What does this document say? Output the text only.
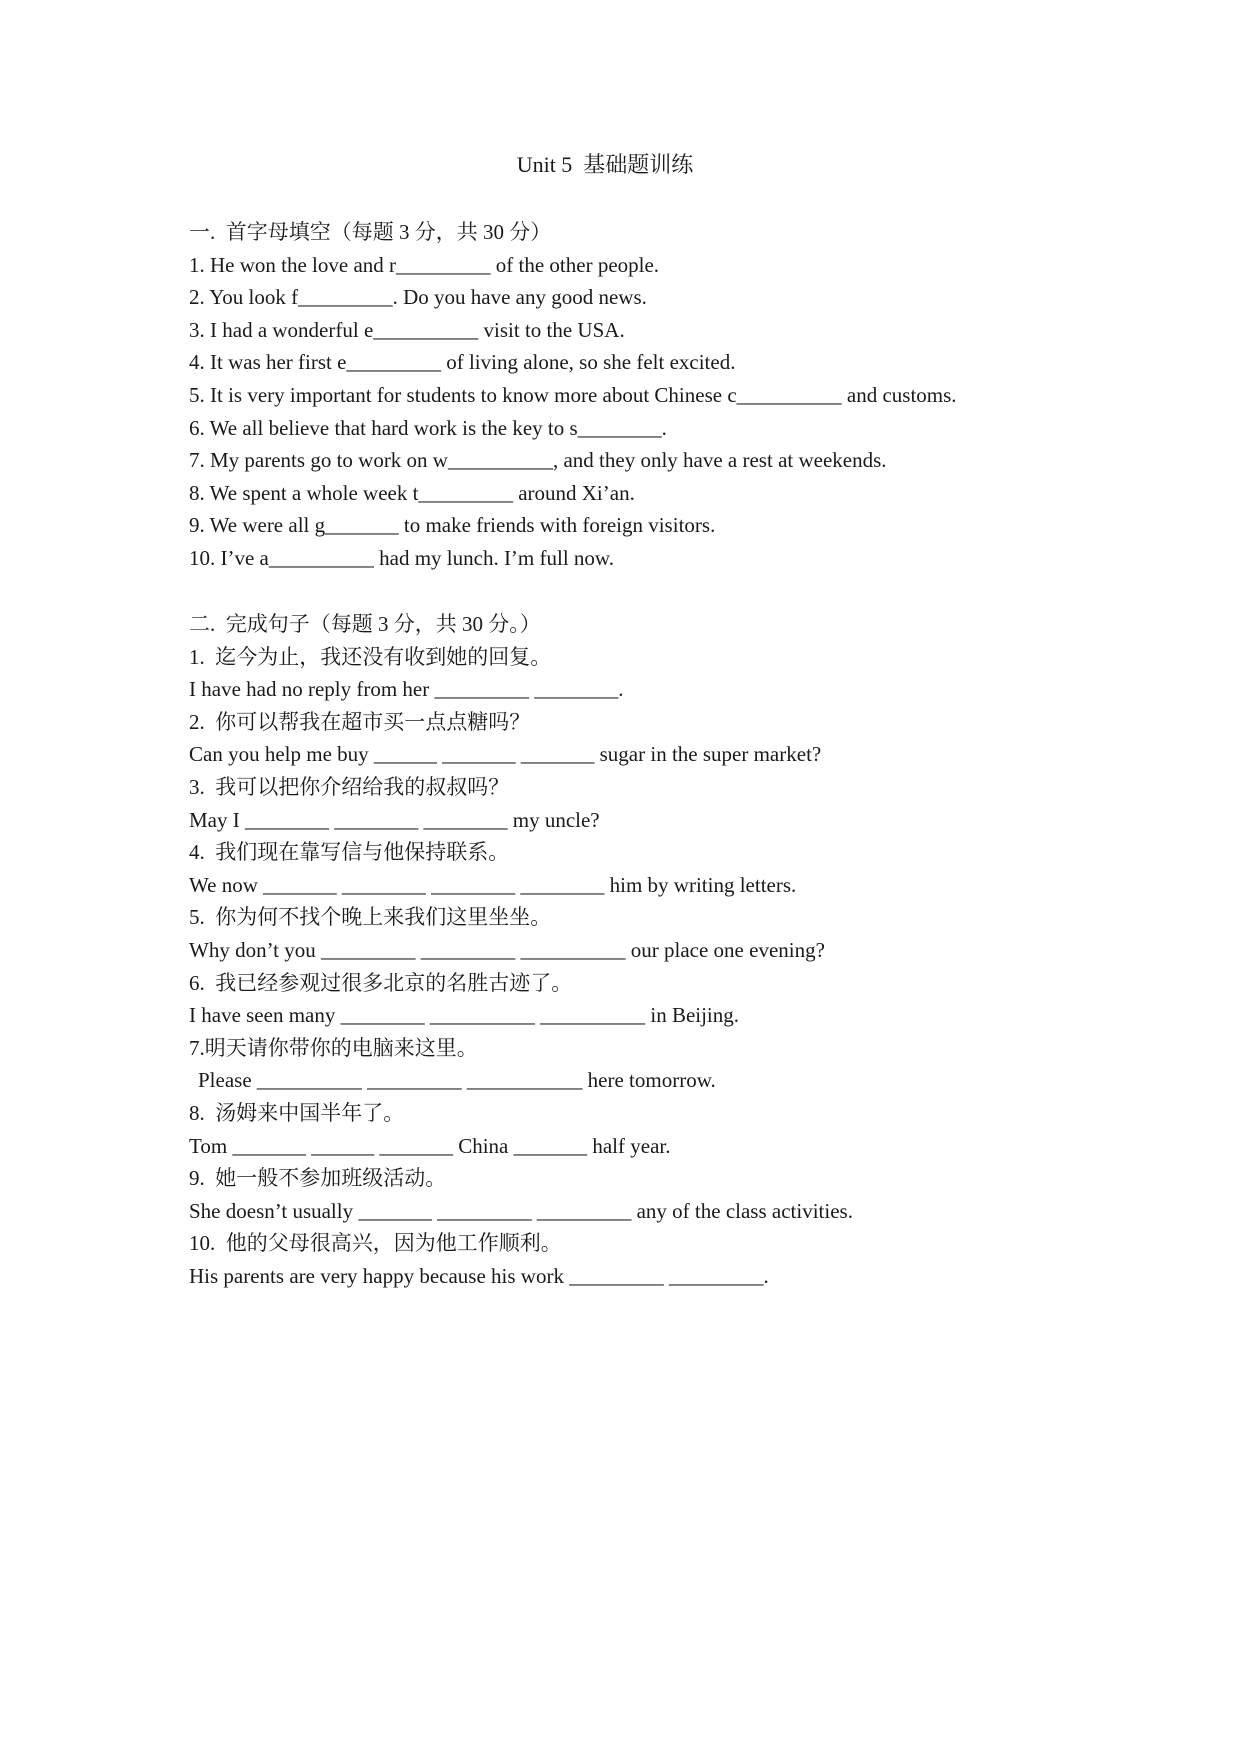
Unit 5  基础题训练
一.  首字母填空（每题 3 分，共 30 分）
1. He won the love and r_________ of the other people.
2. You look f_________. Do you have any good news.
3. I had a wonderful e__________ visit to the USA.
4. It was her first e_________ of living alone, so she felt excited.
5. It is very important for students to know more about Chinese c__________ and customs.
6. We all believe that hard work is the key to s________.
7. My parents go to work on w__________, and they only have a rest at weekends.
8. We spent a whole week t_________ around Xi’an.
9. We were all g_______ to make friends with foreign visitors.
10. I’ve a__________ had my lunch. I’m full now.
二.  完成句子（每题 3 分，共 30 分。）
1.  迄今为止，我还没有收到她的回复。
I have had no reply from her _________ ________.
2.  你可以帮我在超市买一点点糖吗？
Can you help me buy ______ _______ _______ sugar in the super market?
3.  我可以把你介绍给我的叔叔吗？
May I ________ ________ ________ my uncle?
4.  我们现在靠写信与他保持联系。
We now _______ ________ ________ ________ him by writing letters.
5.  你为何不找个晚上来我们这里坐坐。
Why don’t you _________ _________ __________ our place one evening?
6.  我已经参观过很多北京的名胜古迹了。
I have seen many ________ __________ __________ in Beijing.
7.明天请你带你的电脑来这里。
Please __________ _________ ___________ here tomorrow.
8.  汤姆来中国半年了。
Tom _______ ______ _______ China _______ half year.
9.  她一般不参加班级活动。
She doesn’t usually _______ _________ _________ any of the class activities.
10.  他的父母很高兴，因为他工作顺利。
His parents are very happy because his work _________ _________.
